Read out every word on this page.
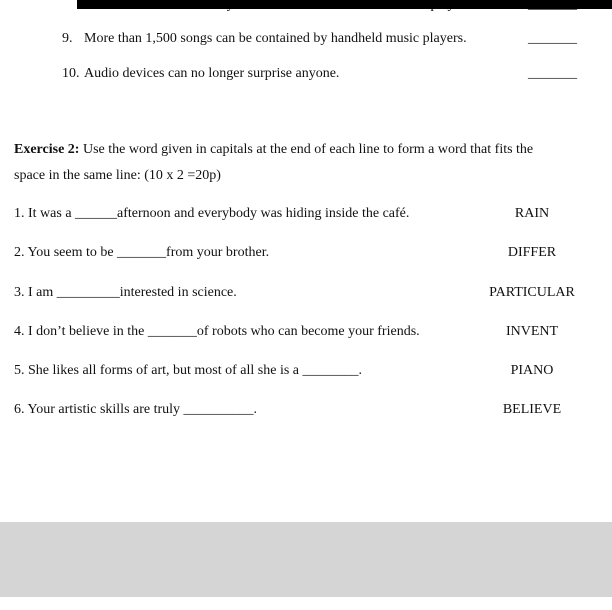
9. More than 1,500 songs can be contained by handheld music players.	_______
10. Audio devices can no longer surprise anyone.	_______
Exercise 2: Use the word given in capitals at the end of each line to form a word that fits the
space in the same line: (10 x 2 =20p)
1. It was a ______afternoon and everybody was hiding inside the café.	RAIN
2. You seem to be _______from your brother.	DIFFER
3. I am _________interested in science.	PARTICULAR
4. I don’t believe in the _______of robots who can become your friends.	INVENT
5. She likes all forms of art, but most of all she is a ________.	PIANO
6. Your artistic skills are truly __________.	BELIEVE
